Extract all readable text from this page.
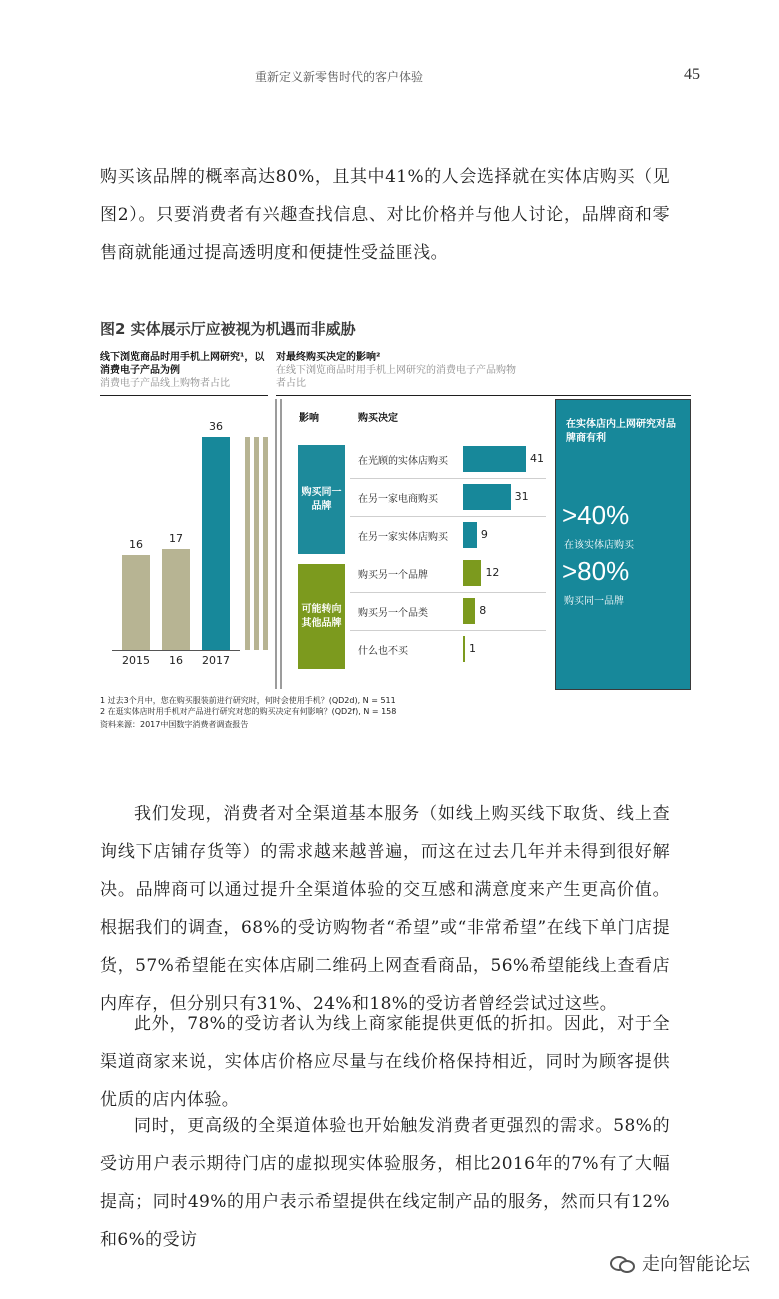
重新定义新零售时代的客户体验	45

购买该品牌的概率高达80%，且其中41%的人会选择就在实体店购买（见图2）。只要消费者有兴趣查找信息、对比价格并与他人讨论，品牌商和零售商就能通过提高透明度和便捷性受益匪浅。

图2 实体展示厅应被视为机遇而非威胁
线下浏览商品时用手机上网研究¹，以消费电子产品为例
消费电子产品线上购物者占比
对最终购买决定的影响²
在线下浏览商品时用手机上网研究的消费电子产品购物者占比
16
2015
17
16
36
2017
影响	购买决定
购买同一品牌
可能转向其他品牌
在光顾的实体店购买	41
在另一家电商购买	31
在另一家实体店购买	9
购买另一个品牌	12
购买另一个品类	8
什么也不买	1
在实体店内上网研究对品牌商有利
>40%
在该实体店购买
>80%
购买同一品牌
1 过去3个月中，您在购买服装前进行研究时，何时会使用手机？(QD2d), N = 511
2 在逛实体店时用手机对产品进行研究对您的购买决定有何影响？(QD2f), N = 158
资料来源：2017中国数字消费者调查报告

我们发现，消费者对全渠道基本服务（如线上购买线下取货、线上查询线下店铺存货等）的需求越来越普遍，而这在过去几年并未得到很好解决。品牌商可以通过提升全渠道体验的交互感和满意度来产生更高价值。根据我们的调查，68%的受访购物者“希望”或“非常希望”在线下单门店提货，57%希望能在实体店刷二维码上网查看商品，56%希望能线上查看店内库存，但分别只有31%、24%和18%的受访者曾经尝试过这些。

此外，78%的受访者认为线上商家能提供更低的折扣。因此，对于全渠道商家来说，实体店价格应尽量与在线价格保持相近，同时为顾客提供优质的店内体验。

同时，更高级的全渠道体验也开始触发消费者更强烈的需求。58%的受访用户表示期待门店的虚拟现实体验服务，相比2016年的7%有了大幅提高；同时49%的用户表示希望提供在线定制产品的服务，然而只有12%和6%的受访

走向智能论坛
